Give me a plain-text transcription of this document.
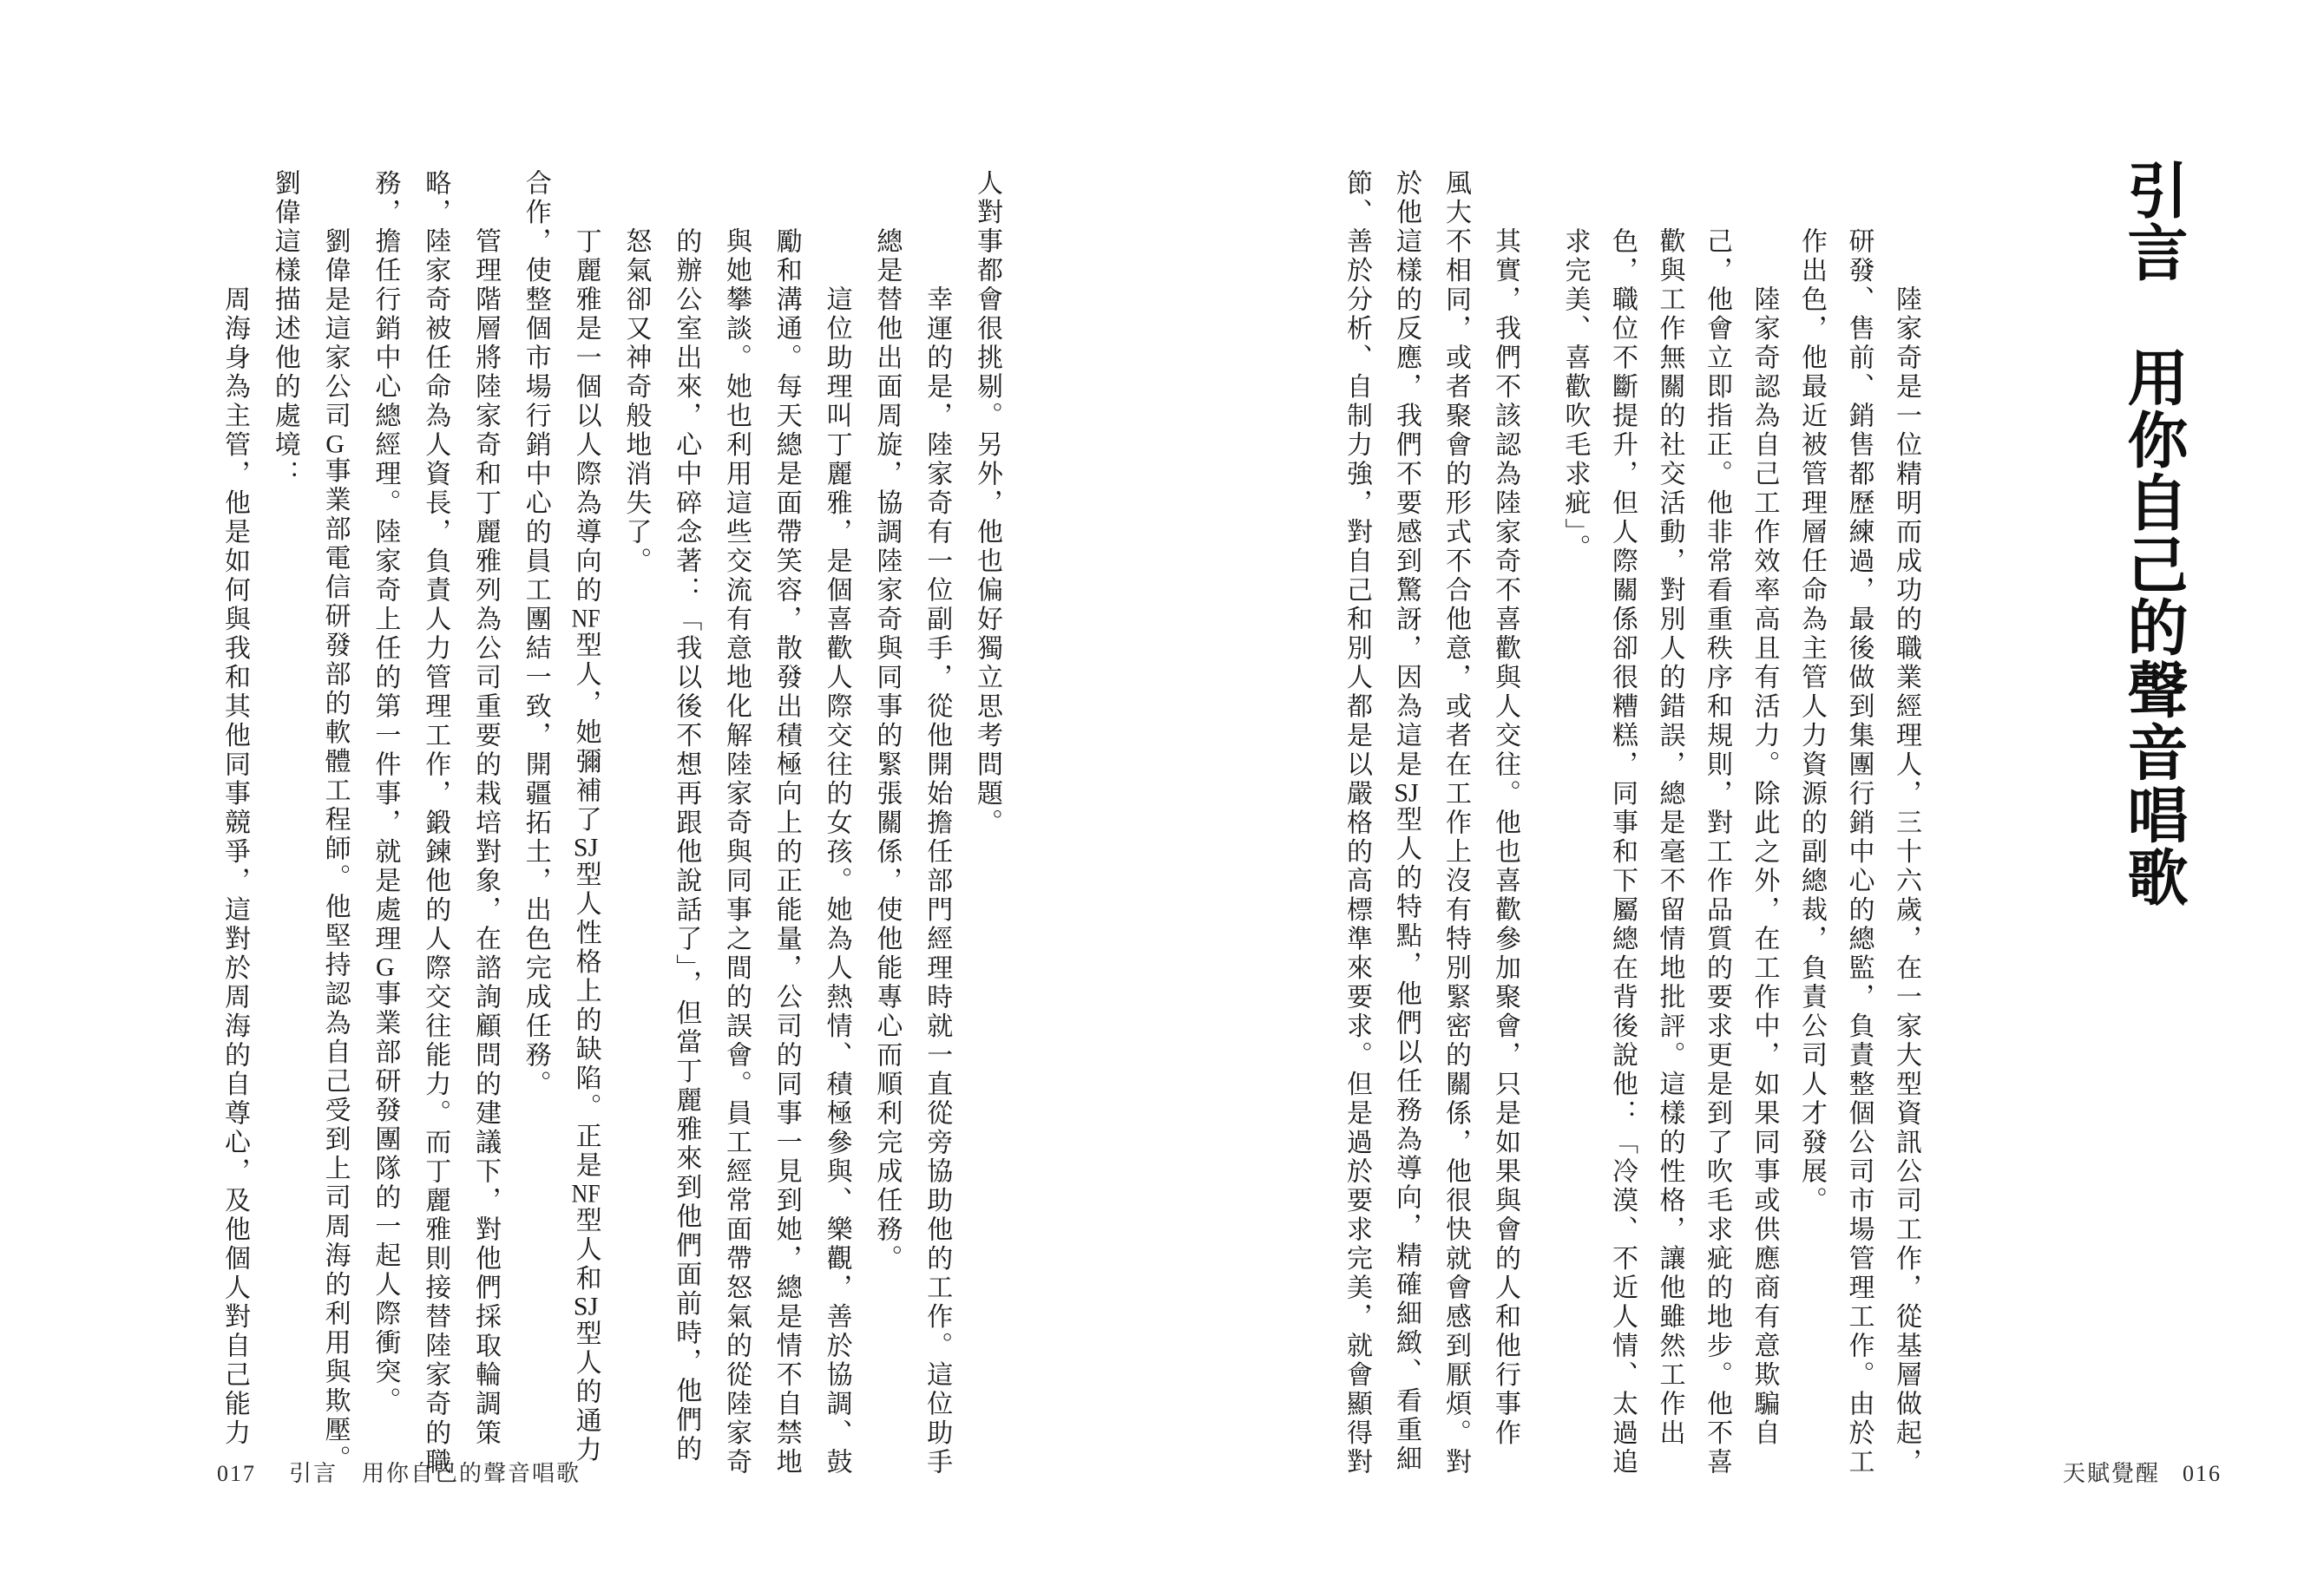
引言　用你自己的聲音唱歌
017 引言 用你自己的聲音唱歌	天賦覺醒 016
陸家奇是一位精明而成功的職業經理人，三十六歲，在一家大型資訊公司工作，從基層做起，
研發、售前、銷售都歷練過，最後做到集團行銷中心的總監，負責整個公司市場管理工作。由於工
作出色，他最近被管理層任命為主管人力資源的副總裁，負責公司人才發展。
陸家奇認為自己工作效率高且有活力。除此之外，在工作中，如果同事或供應商有意欺騙自
己，他會立即指正。他非常看重秩序和規則，對工作品質的要求更是到了吹毛求疵的地步。他不喜
歡與工作無關的社交活動，對別人的錯誤，總是毫不留情地批評。這樣的性格，讓他雖然工作出
色，職位不斷提升，但人際關係卻很糟糕，同事和下屬總在背後說他：「冷漠、不近人情、太過追
求完美、喜歡吹毛求疵」。
其實，我們不該認為陸家奇不喜歡與人交往。他也喜歡參加聚會，只是如果與會的人和他行事作
風大不相同，或者聚會的形式不合他意，或者在工作上沒有特別緊密的關係，他很快就會感到厭煩。對
於他這樣的反應，我們不要感到驚訝，因為這是SJ型人的特點，他們以任務為導向，精確細緻、看重細
節、善於分析、自制力強，對自己和別人都是以嚴格的高標準來要求。但是過於要求完美，就會顯得對
人對事都會很挑剔。另外，他也偏好獨立思考問題。
幸運的是，陸家奇有一位副手，從他開始擔任部門經理時就一直從旁協助他的工作。這位助手
總是替他出面周旋，協調陸家奇與同事的緊張關係，使他能專心而順利完成任務。
這位助理叫丁麗雅，是個喜歡人際交往的女孩。她為人熱情、積極參與、樂觀，善於協調、鼓
勵和溝通。每天總是面帶笑容，散發出積極向上的正能量，公司的同事一見到她，總是情不自禁地
與她攀談。她也利用這些交流有意地化解陸家奇與同事之間的誤會。員工經常面帶怒氣的從陸家奇
的辦公室出來，心中碎念著：「我以後不想再跟他說話了」，但當丁麗雅來到他們面前時，他們的
怒氣卻又神奇般地消失了。
丁麗雅是一個以人際為導向的NF型人，她彌補了SJ型人性格上的缺陷。正是NF型人和SJ型人的通力
合作，使整個市場行銷中心的員工團結一致，開疆拓土，出色完成任務。
管理階層將陸家奇和丁麗雅列為公司重要的栽培對象，在諮詢顧問的建議下，對他們採取輪調策
略，陸家奇被任命為人資長，負責人力管理工作，鍛鍊他的人際交往能力。而丁麗雅則接替陸家奇的職
務，擔任行銷中心總經理。陸家奇上任的第一件事，就是處理G事業部研發團隊的一起人際衝突。
劉偉是這家公司G事業部電信研發部的軟體工程師。他堅持認為自己受到上司周海的利用與欺壓。
劉偉這樣描述他的處境：
周海身為主管，他是如何與我和其他同事競爭，這對於周海的自尊心，及他個人對自己能力
